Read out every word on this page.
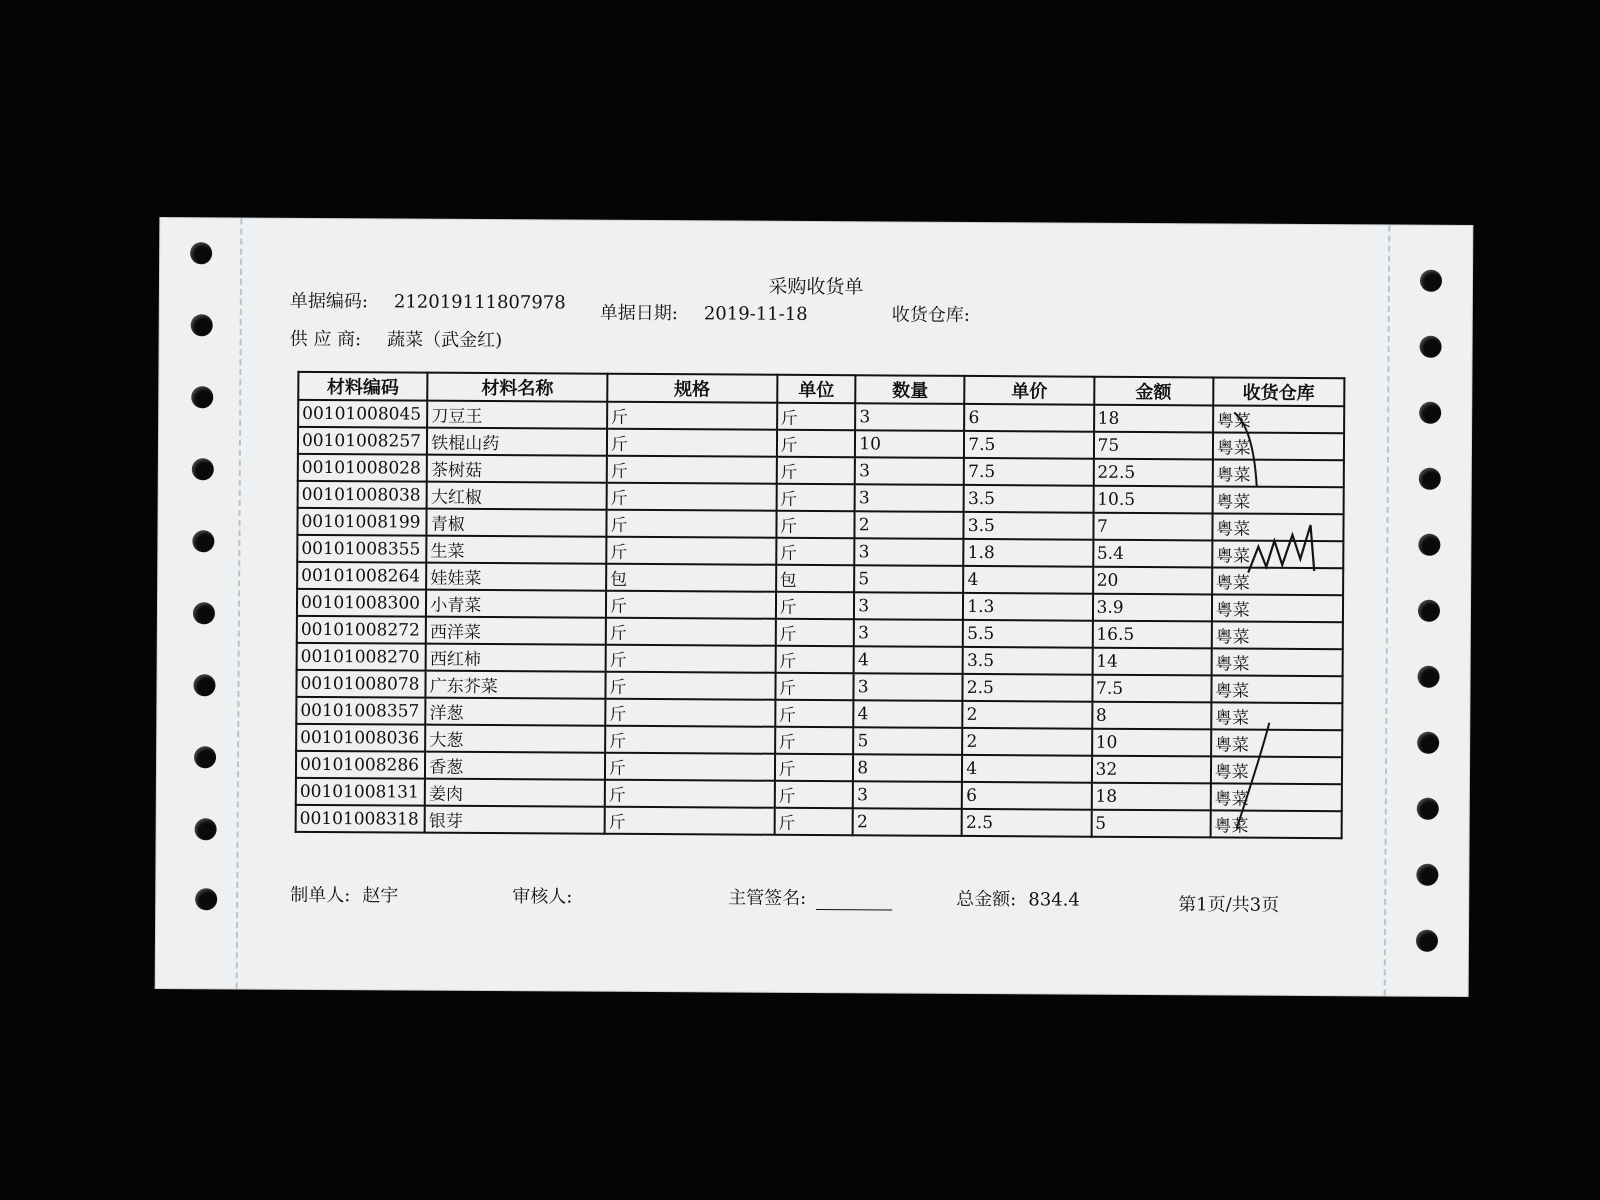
采购收货单
单据编码: 212019111807978 单据日期: 2019-11-18	收货仓库:
供 应 商: 蔬菜（武金红)
材料编码	材料名称	规格	单位	数量	单价	金额	收货仓库
00101008045	刀豆王	斤	斤	3	6	18	粤菜
00101008257	铁棍山药	斤	斤	10	7.5	75	粤菜
00101008028	茶树菇	斤	斤	3	7.5	22.5	粤菜
00101008038	大红椒	斤	斤	3	3.5	10.5	粤菜
00101008199	青椒	斤	斤	2	3.5	7	粤菜
00101008355	生菜	斤	斤	3	1.8	5.4	粤菜
00101008264	娃娃菜	包	包	5	4	20	粤菜
00101008300	小青菜	斤	斤	3	1.3	3.9	粤菜
00101008272	西洋菜	斤	斤	3	5.5	16.5	粤菜
00101008270	西红柿	斤	斤	4	3.5	14	粤菜
00101008078	广东芥菜	斤	斤	3	2.5	7.5	粤菜
00101008357	洋葱	斤	斤	4	2	8	粤菜
00101008036	大葱	斤	斤	5	2	10	粤菜
00101008286	香葱	斤	斤	8	4	32	粤菜
00101008131	姜肉	斤	斤	3	6	18	粤菜
00101008318	银芽	斤	斤	2	2.5	5	粤菜
制单人: 赵宇	审核人:	主管签名:	总金额: 834.4	第1页/共3页
